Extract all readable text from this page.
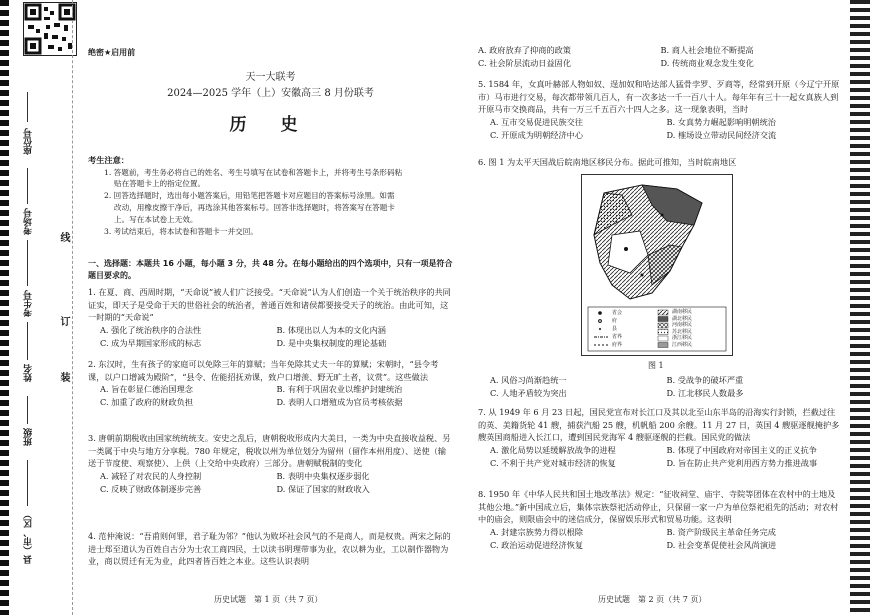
座位号
考场号
考生号
姓名
班级
县（市、区）
线
订
装
绝密★启用前
天一大联考
2024—2025 学年（上）安徽高三 8 月份联考
历 史

考生注意：

1. 答题前，考生务必将自己的姓名、考生号填写在试卷和答题卡上，并将考生号条形码粘

贴在答题卡上的指定位置。

2. 回答选择题时，选出每小题答案后，用铅笔把答题卡对应题目的答案标号涂黑。如需

改动，用橡皮擦干净后，再选涂其他答案标号。回答非选择题时，将答案写在答题卡

上。写在本试卷上无效。

3. 考试结束后，将本试卷和答题卡一并交回。

一、选择题：本题共 16 小题，每小题 3 分，共 48 分。在每小题给出的四个选项中，只有一项是符合题目要求的。

1. 在夏、商、西周时期，“天命说”被人们广泛接受。“天命说”认为人们创造一个关于统治秩序的共同证实，即天子是受命于天的世俗社会的统治者，普通百姓和诸侯都要接受天子的统治。由此可知，这一时期的“天命说”

A. 强化了统治秩序的合法性	B. 体现出以人为本的文化内涵
C. 成为早期国家形成的标志	D. 是中央集权制度的理论基础

2. 东汉时，生有孩子的家庭可以免除三年的算赋；当年免除其丈夫一年的算赋；宋朝时，“县令考课，以户口增减为殿阶”，“县令、佐能招抚劝课，致户口增羡、野无旷土者，议赏”。这些做法

A. 旨在彰显仁德治国理念	B. 有利于巩固农业以维护封建统治
C. 加重了政府的财政负担	D. 表明人口增殖成为官员考核依据

3. 唐朝前期税收由国家统统统支。安史之乱后，唐朝税收形成内大美日，一类为中央直接收益税、另一类属于中央与地方分享税。780 年规定，税收以州为单位划分为留州（留作本州用度）、送使（输送于节度使、观察使）、上供（上交给中央政府）三部分。唐朝赋税制的变化

A. 减轻了对农民的人身控制	B. 表明中央集权逐步弱化
C. 反映了财政体制逐步完善	D. 保证了国家的财政收入

4. 范仲淹说：“吾甫则何罪，君子耻为邻？”他认为败坏社会风气的不是商人，而是权贵。两宋之际的进士郑至道认为百姓自古分为士农工商四民，士以读书明理带事为业，农以耕为业，工以制作器物为业，商以贸迁有无为业，此四者皆百姓之本业。这些认识表明

历史试题　第 1 页（共 7 页）
A. 政府放弃了抑商的政策	B. 商人社会地位不断提高
C. 社会阶层流动日益固化	D. 传统商业观念发生变化

5. 1584 年，女真叶赫部人物如奴、逞加奴和哈达部人猛骨孛罗、歹商等，经常到开原（今辽宁开原市）马市进行交易，每次都带领几百人，有一次多达一千一百八十人。每年年有三十一起女真族人到开原马市交换商品，共有一万三千五百六十四人之多。这一现象表明，当时

A. 互市交易促进民族交往	B. 女真势力崛起影响明朝统治
C. 开原成为明朝经济中心	D. 榷场设立带动民间经济交流

6. 图 1 为太平天国战后皖南地区移民分布。据此可推知，当时皖南地区

省会
府
县
省界
府界
湖南移民
湖北移民
河南移民
苏北移民
浙江移民
江西移民
图 1
A. 风俗习尚渐趋统一	B. 受战争的破坏严重
C. 人地矛盾较为突出	D. 江北移民人数最多

7. 从 1949 年 6 月 23 日起，国民党宣布对长江口及其以北至山东半岛的沿海实行封锁，拦截过往的英、美籍货轮 41 艘，捕获汽船 25 艘，机帆船 200 余艘。11 月 27 日，英国 4 艘驱逐舰掩护多艘英国商船进入长江口，遭到国民党海军 4 艘驱逐舰的拦截。国民党的做法

A. 激化局势以延缓解放战争的进程	B. 体现了中国政府对帝国主义的正义抗争
C. 不利于共产党对城市经济的恢复	D. 旨在防止共产党利用西方势力推进战事

8. 1950 年《中华人民共和国土地改革法》规定：“征收祠堂、庙宇、寺院等团体在农村中的土地及其他公地。”新中国成立后，集体宗族祭祀活动停止，只保留一家一户为单位祭祀祖先的活动；对农村中的庙会，则限庙会中的迷信成分，保留娱乐形式和贸易功能。这表明

A. 封建宗族势力得以根除	B. 资产阶级民主革命任务完成
C. 政治运动促进经济恢复	D. 社会变革促使社会风尚演进
历史试题　第 2 页（共 7 页）
